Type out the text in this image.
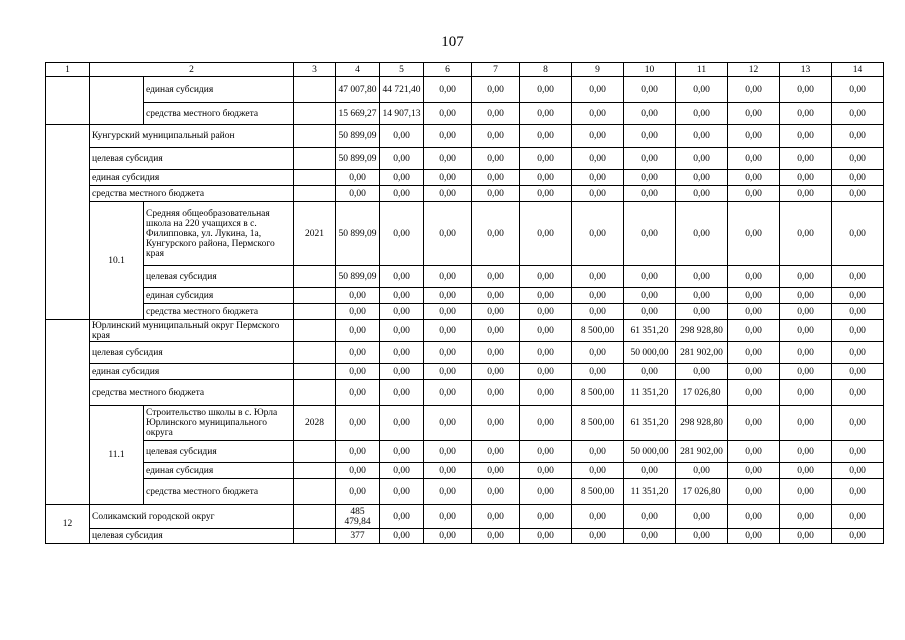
107
1	2		3	4	5	6	7	8	9	10	11	12	13	14
		единая субсидия		47 007,80	44 721,40	0,00	0,00	0,00	0,00	0,00	0,00	0,00	0,00	0,00
		средства местного бюджета		15 669,27	14 907,13	0,00	0,00	0,00	0,00	0,00	0,00	0,00	0,00	0,00
	Кунгурский муниципальный район			50 899,09	0,00	0,00	0,00	0,00	0,00	0,00	0,00	0,00	0,00	0,00
	целевая субсидия			50 899,09	0,00	0,00	0,00	0,00	0,00	0,00	0,00	0,00	0,00	0,00
	единая субсидия			0,00	0,00	0,00	0,00	0,00	0,00	0,00	0,00	0,00	0,00	0,00
	средства местного бюджета			0,00	0,00	0,00	0,00	0,00	0,00	0,00	0,00	0,00	0,00	0,00
	10.1	Средняя общеобразовательная школа на 220 учащихся в с. Филипповка, ул. Лукина, 1а, Кунгурского района, Пермского края	2021	50 899,09	0,00	0,00	0,00	0,00	0,00	0,00	0,00	0,00	0,00	0,00
		целевая субсидия		50 899,09	0,00	0,00	0,00	0,00	0,00	0,00	0,00	0,00	0,00	0,00
		единая субсидия		0,00	0,00	0,00	0,00	0,00	0,00	0,00	0,00	0,00	0,00	0,00
		средства местного бюджета		0,00	0,00	0,00	0,00	0,00	0,00	0,00	0,00	0,00	0,00	0,00
	Юрлинский муниципальный округ Пермского края			0,00	0,00	0,00	0,00	0,00	8 500,00	61 351,20	298 928,80	0,00	0,00	0,00
	целевая субсидия			0,00	0,00	0,00	0,00	0,00	0,00	50 000,00	281 902,00	0,00	0,00	0,00
	единая субсидия			0,00	0,00	0,00	0,00	0,00	0,00	0,00	0,00	0,00	0,00	0,00
	средства местного бюджета			0,00	0,00	0,00	0,00	0,00	8 500,00	11 351,20	17 026,80	0,00	0,00	0,00
	11.1	Строительство школы в с. Юрла Юрлинского муниципального округа	2028	0,00	0,00	0,00	0,00	0,00	8 500,00	61 351,20	298 928,80	0,00	0,00	0,00
		целевая субсидия		0,00	0,00	0,00	0,00	0,00	0,00	50 000,00	281 902,00	0,00	0,00	0,00
		единая субсидия		0,00	0,00	0,00	0,00	0,00	0,00	0,00	0,00	0,00	0,00	0,00
		средства местного бюджета		0,00	0,00	0,00	0,00	0,00	8 500,00	11 351,20	17 026,80	0,00	0,00	0,00
12	Соликамский городской округ			485 479,84	0,00	0,00	0,00	0,00	0,00	0,00	0,00	0,00	0,00	0,00
	целевая субсидия			377	0,00	0,00	0,00	0,00	0,00	0,00	0,00	0,00	0,00	0,00
